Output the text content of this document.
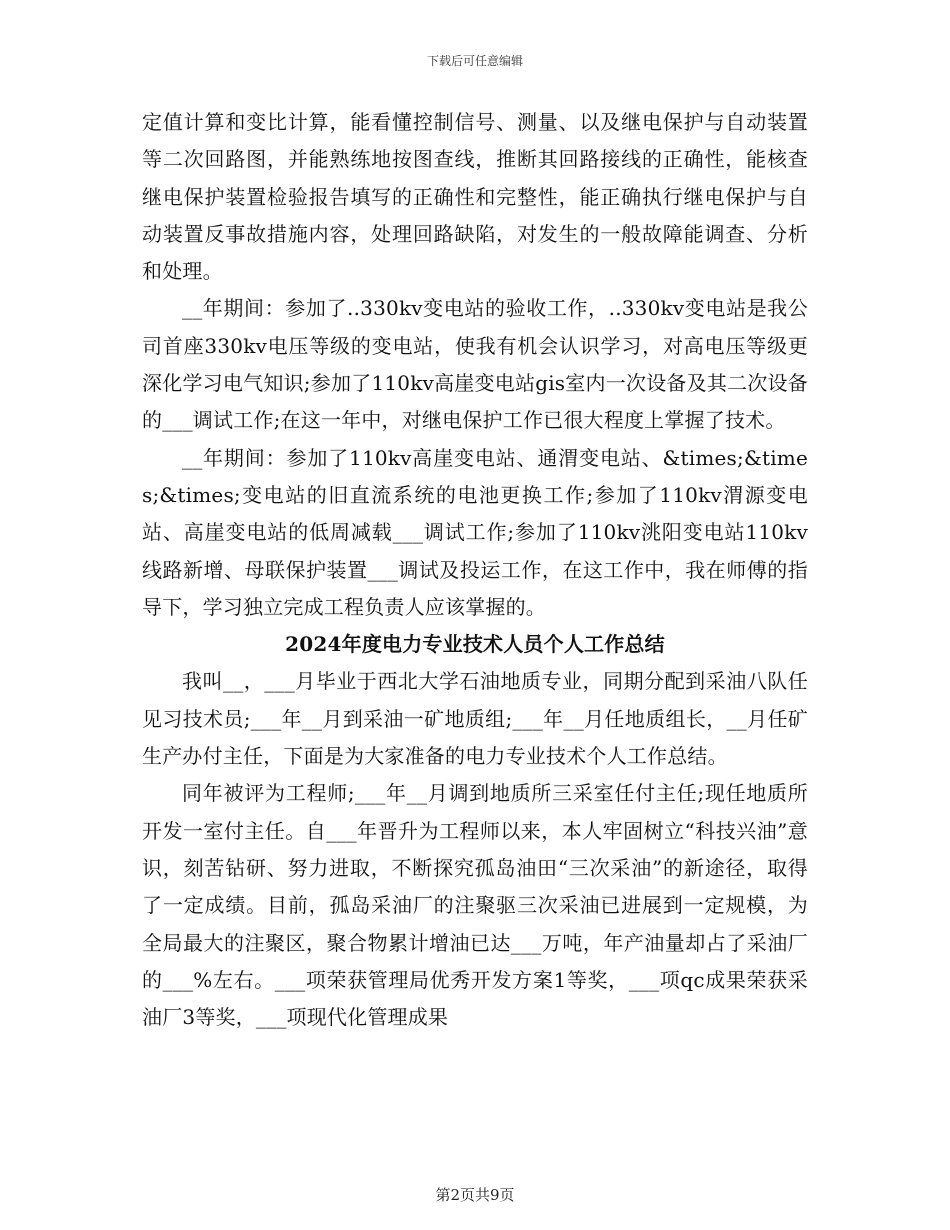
下载后可任意编辑

定值计算和变比计算，能看懂控制信号、测量、以及继电保护与自动装置等二次回路图，并能熟练地按图查线，推断其回路接线的正确性，能核查继电保护装置检验报告填写的正确性和完整性，能正确执行继电保护与自动装置反事故措施内容，处理回路缺陷，对发生的一般故障能调查、分析和处理。

__年期间：参加了..330kv变电站的验收工作，..330kv变电站是我公司首座330kv电压等级的变电站，使我有机会认识学习，对高电压等级更深化学习电气知识;参加了110kv高崖变电站gis室内一次设备及其二次设备的___调试工作;在这一年中，对继电保护工作已很大程度上掌握了技术。

__年期间：参加了110kv高崖变电站、通渭变电站、&times;&times;&times;变电站的旧直流系统的电池更换工作;参加了110kv渭源变电站、高崖变电站的低周减载___调试工作;参加了110kv洮阳变电站110kv线路新增、母联保护装置___调试及投运工作，在这工作中，我在师傅的指导下，学习独立完成工程负责人应该掌握的。

2024年度电力专业技术人员个人工作总结

我叫__，___月毕业于西北大学石油地质专业，同期分配到采油八队任见习技术员;___年__月到采油一矿地质组;___年__月任地质组长，__月任矿生产办付主任，下面是为大家准备的电力专业技术个人工作总结。

同年被评为工程师;___年__月调到地质所三采室任付主任;现任地质所开发一室付主任。自___年晋升为工程师以来，本人牢固树立“科技兴油”意识，刻苦钻研、努力进取，不断探究孤岛油田“三次采油”的新途径，取得了一定成绩。目前，孤岛采油厂的注聚驱三次采油已进展到一定规模，为全局最大的注聚区，聚合物累计增油已达___万吨，年产油量却占了采油厂的___%左右。___项荣获管理局优秀开发方案1等奖，___项qc成果荣获采油厂3等奖，___项现代化管理成果

第2页共9页
